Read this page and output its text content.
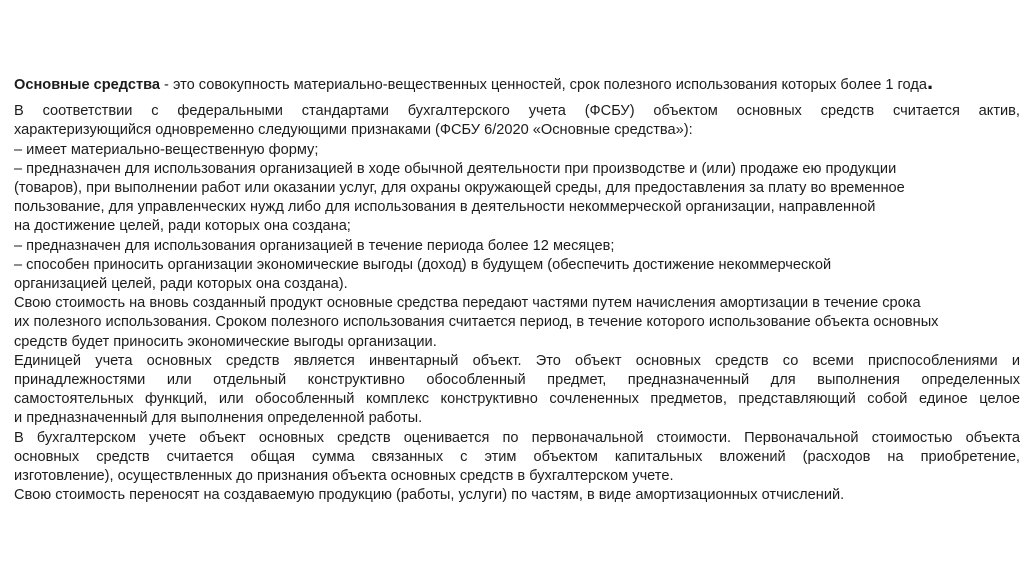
Основные средства - это совокупность материально-вещественных ценностей, срок полезного использования которых более 1 года.

В соответствии с федеральными стандартами бухгалтерского учета (ФСБУ) объектом основных средств считается актив,

характеризующийся одновременно следующими признаками (ФСБУ 6/2020 «Основные средства»):

– имеет материально-вещественную форму;

– предназначен для использования организацией в ходе обычной деятельности при производстве и (или) продаже ею продукции

(товаров), при выполнении работ или оказании услуг, для охраны окружающей среды, для предоставления за плату во временное

пользование, для управленческих нужд либо для использования в деятельности некоммерческой организации, направленной

на достижение целей, ради которых она создана;

– предназначен для использования организацией в течение периода более 12 месяцев;

– способен приносить организации экономические выгоды (доход) в будущем (обеспечить достижение некоммерческой

организацией целей, ради которых она создана).

Свою стоимость на вновь созданный продукт основные средства передают частями путем начисления амортизации в течение срока

их полезного использования. Сроком полезного использования считается период, в течение которого использование объекта основных

средств будет приносить экономические выгоды организации.

Единицей учета основных средств является инвентарный объект. Это объект основных средств со всеми приспособлениями и

принадлежностями или отдельный конструктивно обособленный предмет, предназначенный для выполнения определенных

самостоятельных функций, или обособленный комплекс конструктивно сочлененных предметов, представляющий собой единое целое

и предназначенный для выполнения определенной работы.

В бухгалтерском учете объект основных средств оценивается по первоначальной стоимости. Первоначальной стоимостью объекта

основных средств считается общая сумма связанных с этим объектом капитальных вложений (расходов на приобретение,

изготовление), осуществленных до признания объекта основных средств в бухгалтерском учете.

Свою стоимость переносят на создаваемую продукцию (работы, услуги) по частям, в виде амортизационных отчислений.
